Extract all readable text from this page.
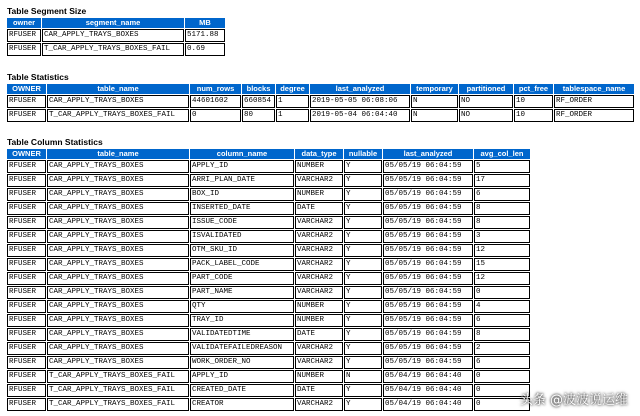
Table Segment Size
owner	segment_name	MB
RFUSER	CAR_APPLY_TRAYS_BOXES	5171.88
RFUSER	T_CAR_APPLY_TRAYS_BOXES_FAIL	0.69
Table Statistics
OWNER	table_name	num_rows	blocks	degree	last_analyzed	temporary	partitioned	pct_free	tablespace_name
RFUSER	CAR_APPLY_TRAYS_BOXES	44601602	660854	1	2019-05-05 06:08:06	N	NO	10	RF_ORDER
RFUSER	T_CAR_APPLY_TRAYS_BOXES_FAIL	0	80	1	2019-05-04 06:04:40	N	NO	10	RF_ORDER
Table Column Statistics
OWNER	table_name	column_name	data_type	nullable	last_analyzed	avg_col_len
RFUSER	CAR_APPLY_TRAYS_BOXES	APPLY_ID	NUMBER	Y	05/05/19 06:04:59	5
RFUSER	CAR_APPLY_TRAYS_BOXES	ARRI_PLAN_DATE	VARCHAR2	Y	05/05/19 06:04:59	17
RFUSER	CAR_APPLY_TRAYS_BOXES	BOX_ID	NUMBER	Y	05/05/19 06:04:59	6
RFUSER	CAR_APPLY_TRAYS_BOXES	INSERTED_DATE	DATE	Y	05/05/19 06:04:59	8
RFUSER	CAR_APPLY_TRAYS_BOXES	ISSUE_CODE	VARCHAR2	Y	05/05/19 06:04:59	8
RFUSER	CAR_APPLY_TRAYS_BOXES	ISVALIDATED	VARCHAR2	Y	05/05/19 06:04:59	3
RFUSER	CAR_APPLY_TRAYS_BOXES	OTM_SKU_ID	VARCHAR2	Y	05/05/19 06:04:59	12
RFUSER	CAR_APPLY_TRAYS_BOXES	PACK_LABEL_CODE	VARCHAR2	Y	05/05/19 06:04:59	15
RFUSER	CAR_APPLY_TRAYS_BOXES	PART_CODE	VARCHAR2	Y	05/05/19 06:04:59	12
RFUSER	CAR_APPLY_TRAYS_BOXES	PART_NAME	VARCHAR2	Y	05/05/19 06:04:59	0
RFUSER	CAR_APPLY_TRAYS_BOXES	QTY	NUMBER	Y	05/05/19 06:04:59	4
RFUSER	CAR_APPLY_TRAYS_BOXES	TRAY_ID	NUMBER	Y	05/05/19 06:04:59	6
RFUSER	CAR_APPLY_TRAYS_BOXES	VALIDATEDTIME	DATE	Y	05/05/19 06:04:59	8
RFUSER	CAR_APPLY_TRAYS_BOXES	VALIDATEFAILEDREASON	VARCHAR2	Y	05/05/19 06:04:59	2
RFUSER	CAR_APPLY_TRAYS_BOXES	WORK_ORDER_NO	VARCHAR2	Y	05/05/19 06:04:59	6
RFUSER	T_CAR_APPLY_TRAYS_BOXES_FAIL	APPLY_ID	NUMBER	N	05/04/19 06:04:40	0
RFUSER	T_CAR_APPLY_TRAYS_BOXES_FAIL	CREATED_DATE	DATE	Y	05/04/19 06:04:40	0
RFUSER	T_CAR_APPLY_TRAYS_BOXES_FAIL	CREATOR	VARCHAR2	Y	05/04/19 06:04:40	0	头条 @波波说运维
